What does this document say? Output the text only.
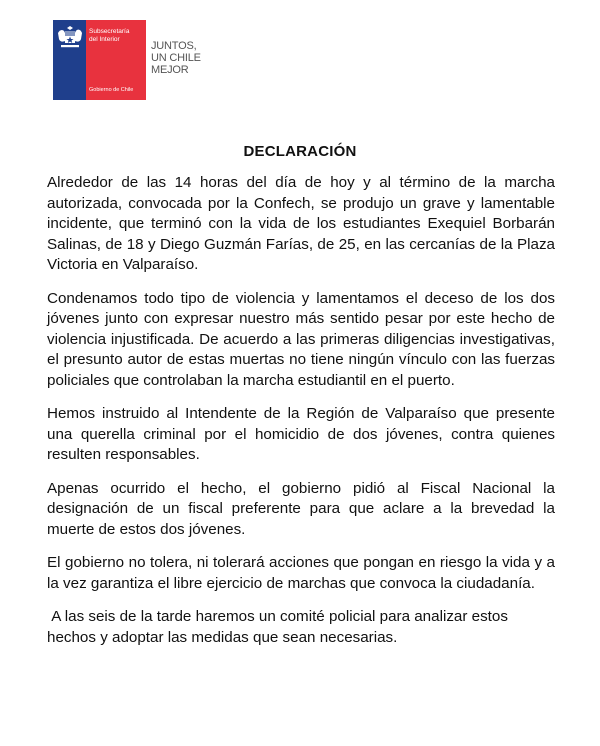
Subsecretaría
del Interior
Gobierno de Chile
JUNTOS,
UN CHILE
MEJOR
DECLARACIÓN

Alrededor de las 14 horas del día de hoy y al término de la marcha autorizada, convocada por la Confech, se produjo un grave y lamentable incidente, que terminó con la vida de los estudiantes Exequiel Borbarán Salinas, de 18 y Diego Guzmán Farías, de 25, en las cercanías de la Plaza Victoria en Valparaíso.

Condenamos todo tipo de violencia y lamentamos el deceso de los dos jóvenes junto con expresar nuestro más sentido pesar por este hecho de violencia injustificada. De acuerdo a las primeras diligencias investigativas, el presunto autor de estas muertas no tiene ningún vínculo con las fuerzas policiales que controlaban la marcha estudiantil en el puerto.

Hemos instruido al Intendente de la Región de Valparaíso que presente una querella criminal por el homicidio de dos jóvenes, contra quienes resulten responsables.

Apenas ocurrido el hecho, el gobierno pidió al Fiscal Nacional la designación de un fiscal preferente para que aclare a la brevedad la muerte de estos dos jóvenes.

El gobierno no tolera, ni tolerará acciones que pongan en riesgo la vida y a la vez garantiza el libre ejercicio de marchas que convoca la ciudadanía.

A las seis de la tarde haremos un comité policial para analizar estos hechos y adoptar las medidas que sean necesarias.
